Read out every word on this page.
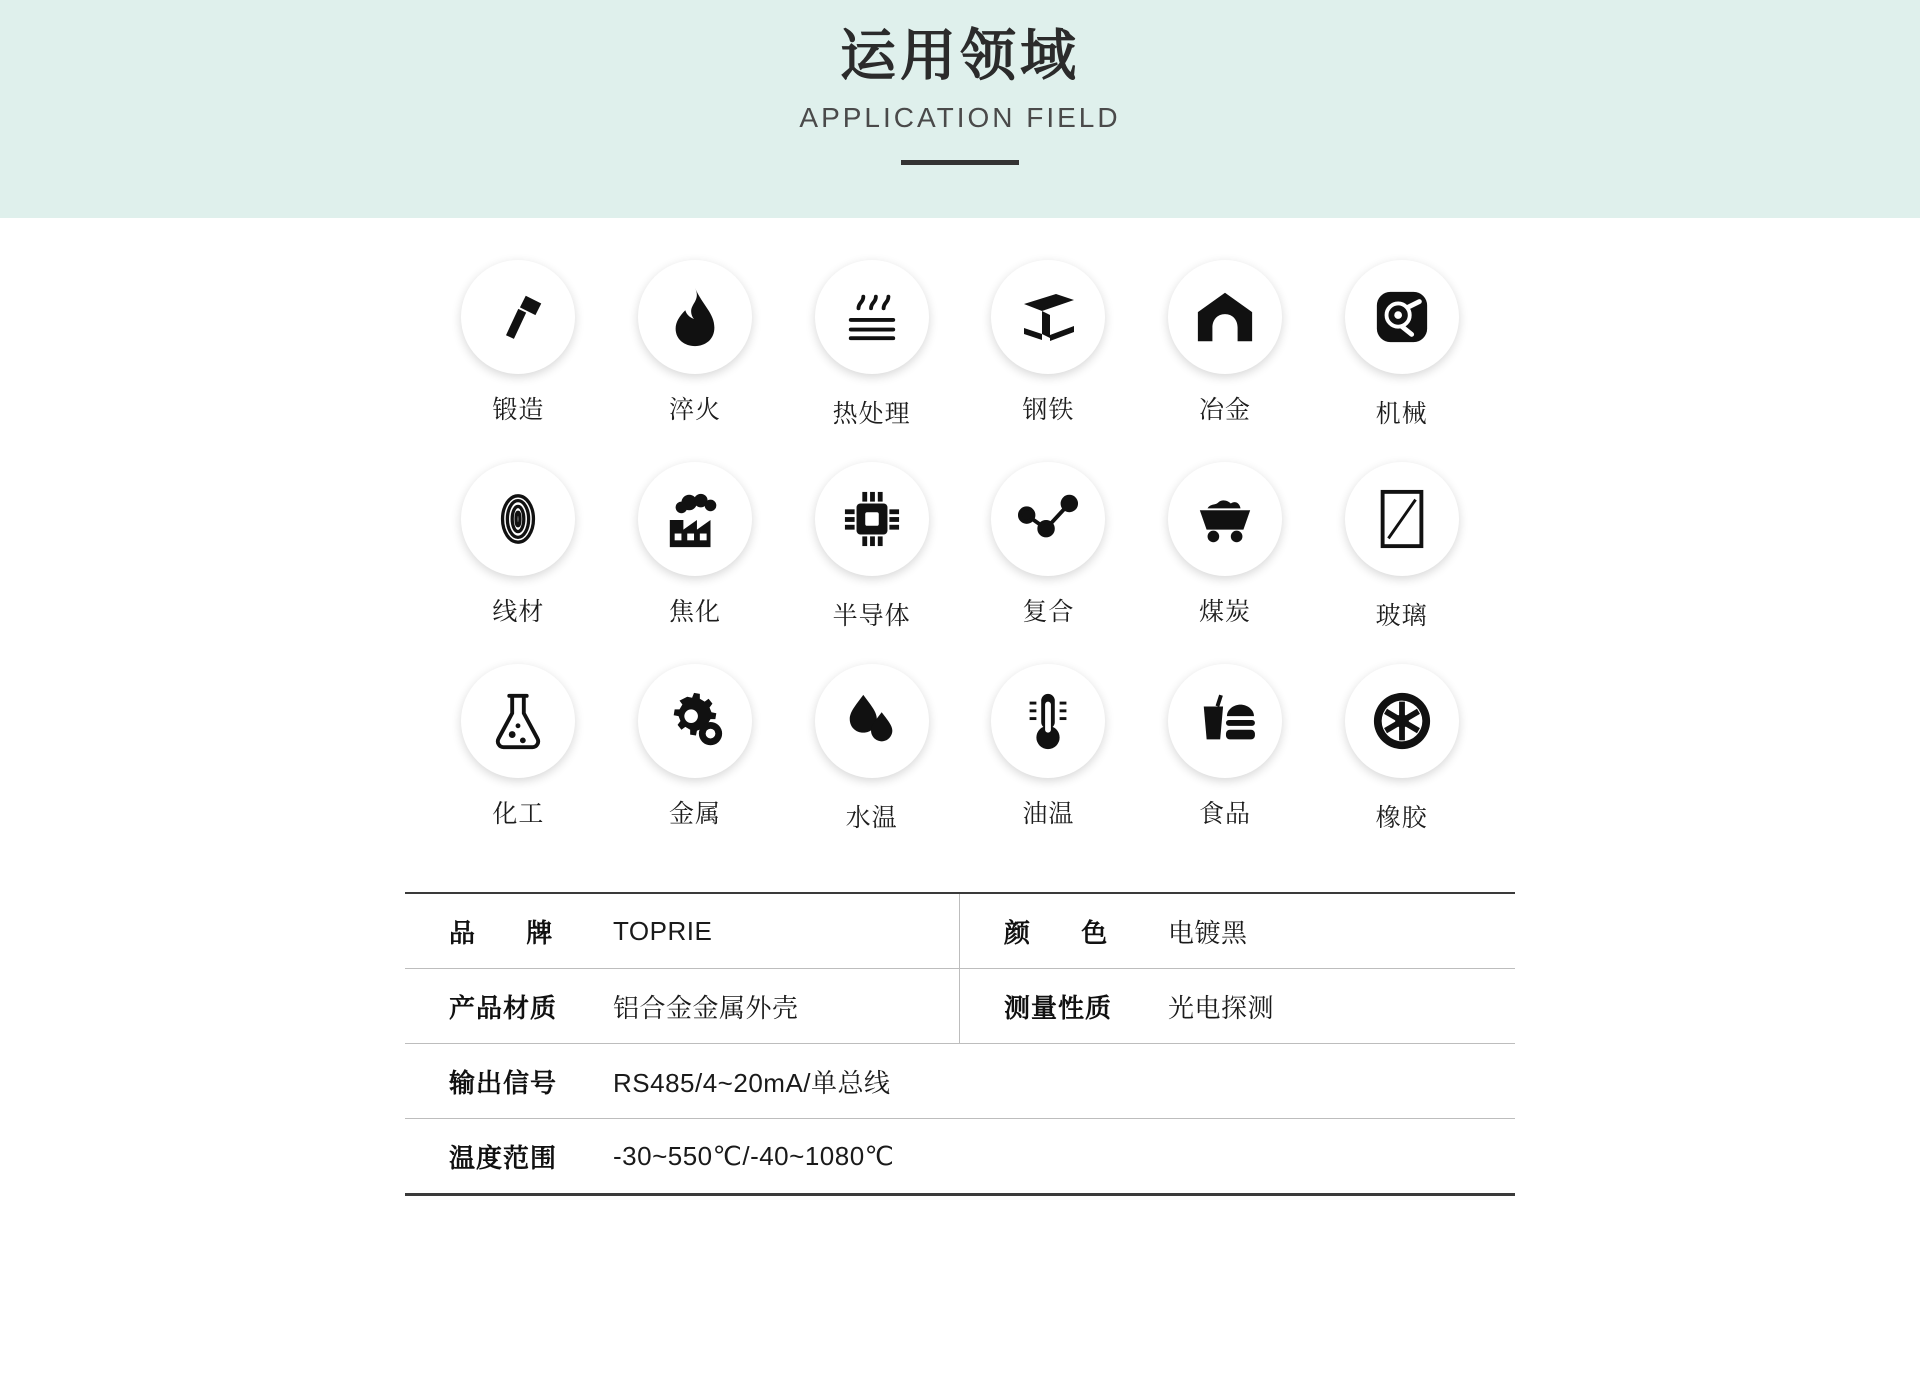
运用领域
APPLICATION FIELD
锻造	淬火	热处理	钢铁	冶金	机械
线材	焦化	半导体	复合	煤炭	玻璃
化工	金属	水温	油温	食品	橡胶
品 牌	TOPRIE	颜 色	电镀黑
产品材质	铝合金金属外壳	测量性质	光电探测
输出信号	RS485/4~20mA/单总线
温度范围	-30~550℃/-40~1080℃
